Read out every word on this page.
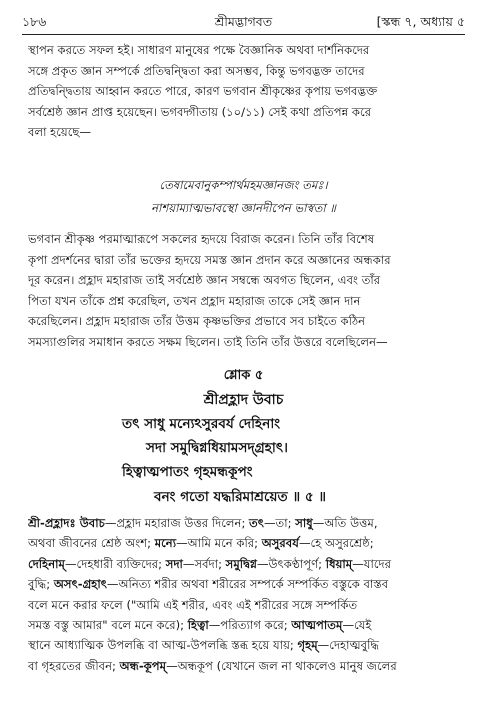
১৮৬	শ্রীমদ্ভাগবত	[স্কন্ধ ৭, অধ্যায় ৫
স্থাপন করতে সফল হই। সাধারণ মানুষের পক্ষে বৈজ্ঞানিক অথবা দার্শনিকদের
সঙ্গে প্রকৃত জ্ঞান সম্পর্কে প্রতিদ্বন্দ্বিতা করা অসম্ভব, কিন্তু ভগবদ্ভক্ত তাদের
প্রতিদ্বন্দ্বিতায় আহ্বান করতে পারে, কারণ ভগবান শ্রীকৃষ্ণের কৃপায় ভগবদ্ভক্ত
সর্বশ্রেষ্ঠ জ্ঞান প্রাপ্ত হয়েছেন। ভগবদ্গীতায় (১০/১১) সেই কথা প্রতিপন্ন করে
বলা হয়েছে—
তেষামেবানুকম্পার্থমহমজ্ঞানজং তমঃ।
নাশয়াম্যাত্মভাবস্থো জ্ঞানদীপেন ভাস্বতা ॥
ভগবান শ্রীকৃষ্ণ পরমাত্মারূপে সকলের হৃদয়ে বিরাজ করেন। তিনি তাঁর বিশেষ
কৃপা প্রদর্শনের দ্বারা তাঁর ভক্তের হৃদয়ে সমস্ত জ্ঞান প্রদান করে অজ্ঞানের অন্ধকার
দূর করেন। প্রহ্লাদ মহারাজ তাই সর্বশ্রেষ্ঠ জ্ঞান সম্বন্ধে অবগত ছিলেন, এবং তাঁর
পিতা যখন তাঁকে প্রশ্ন করেছিল, তখন প্রহ্লাদ মহারাজ তাকে সেই জ্ঞান দান
করেছিলেন। প্রহ্লাদ মহারাজ তাঁর উত্তম কৃষ্ণভক্তির প্রভাবে সব চাইতে কঠিন
সমস্যাগুলির সমাধান করতে সক্ষম ছিলেন। তাই তিনি তাঁর উত্তরে বলেছিলেন—
শ্লোক ৫
শ্রীপ্রহ্লাদ উবাচ
তৎ সাধু মন্যেঽসুরবর্য দেহিনাং
সদা সমুদ্বিগ্নধিয়ামসদ্গ্রহাৎ।
হিত্বাত্মপাতং গৃহমন্ধকূপং
বনং গতো যদ্ধরিমাশ্রয়েত ॥ ৫ ॥
শ্রী-প্রহ্লাদঃ উবাচ—প্রহ্লাদ মহারাজ উত্তর দিলেন; তৎ—তা; সাধু—অতি উত্তম,
অথবা জীবনের শ্রেষ্ঠ অংশ; মন্যে—আমি মনে করি; অসুরবর্য—হে অসুরশ্রেষ্ঠ;
দেহিনাম্—দেহধারী ব্যক্তিদের; সদা—সর্বদা; সমুদ্বিগ্ন—উৎকণ্ঠাপূর্ণ; ধিয়াম্—যাদের
বুদ্ধি; অসৎ-গ্রহাৎ—অনিত্য শরীর অথবা শরীরের সম্পর্কে সম্পর্কিত বস্তুকে বাস্তব
বলে মনে করার ফলে ("আমি এই শরীর, এবং এই শরীরের সঙ্গে সম্পর্কিত
সমস্ত বস্তু আমার" বলে মনে করে); হিত্বা—পরিত্যাগ করে; আত্মপাতম্—যেই
স্থানে আধ্যাত্মিক উপলব্ধি বা আত্ম-উপলব্ধি স্তব্ধ হয়ে যায়; গৃহম্—দেহাত্মবুদ্ধি
বা গৃহরতের জীবন; অন্ধ-কূপম্—অন্ধকূপ (যেখানে জল না থাকলেও মানুষ জলের
